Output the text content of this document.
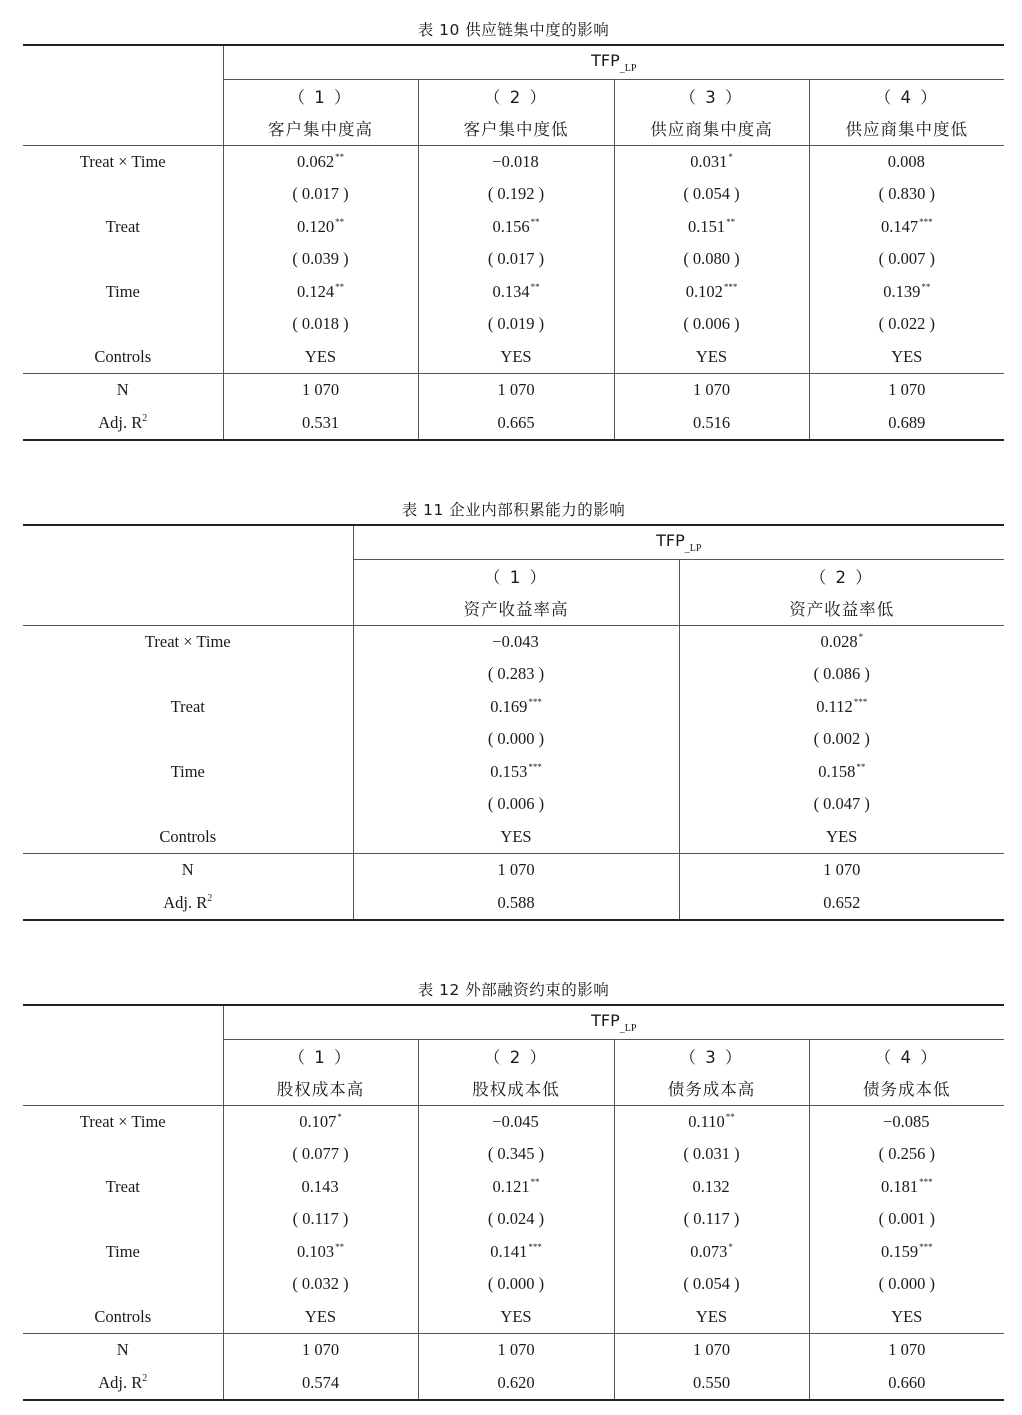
表 10 供应链集中度的影响
	$TFP_{\_LP}$
	（ 1 ）	（ 2 ）	（ 3 ）	（ 4 ）
	客户集中度高	客户集中度低	供应商集中度高	供应商集中度低
Treat × Time	0.062**	−0.018	0.031*	0.008
	( 0.017 )	( 0.192 )	( 0.054 )	( 0.830 )
Treat	0.120**	0.156**	0.151**	0.147***
	( 0.039 )	( 0.017 )	( 0.080 )	( 0.007 )
Time	0.124**	0.134**	0.102***	0.139**
	( 0.018 )	( 0.019 )	( 0.006 )	( 0.022 )
Controls	YES	YES	YES	YES
N	1 070	1 070	1 070	1 070
Adj. $R^2$	0.531	0.665	0.516	0.689
表 11 企业内部积累能力的影响
	$TFP_{\_LP}$
	（ 1 ）	（ 2 ）
	资产收益率高	资产收益率低
Treat × Time	−0.043	0.028*
	( 0.283 )	( 0.086 )
Treat	0.169***	0.112***
	( 0.000 )	( 0.002 )
Time	0.153***	0.158**
	( 0.006 )	( 0.047 )
Controls	YES	YES
N	1 070	1 070
Adj. $R^2$	0.588	0.652
表 12 外部融资约束的影响
	$TFP_{\_LP}$
	（ 1 ）	（ 2 ）	（ 3 ）	（ 4 ）
	股权成本高	股权成本低	债务成本高	债务成本低
Treat × Time	0.107*	−0.045	0.110**	−0.085
	( 0.077 )	( 0.345 )	( 0.031 )	( 0.256 )
Treat	0.143	0.121**	0.132	0.181***
	( 0.117 )	( 0.024 )	( 0.117 )	( 0.001 )
Time	0.103**	0.141***	0.073*	0.159***
	( 0.032 )	( 0.000 )	( 0.054 )	( 0.000 )
Controls	YES	YES	YES	YES
N	1 070	1 070	1 070	1 070
Adj. $R^2$	0.574	0.620	0.550	0.660
